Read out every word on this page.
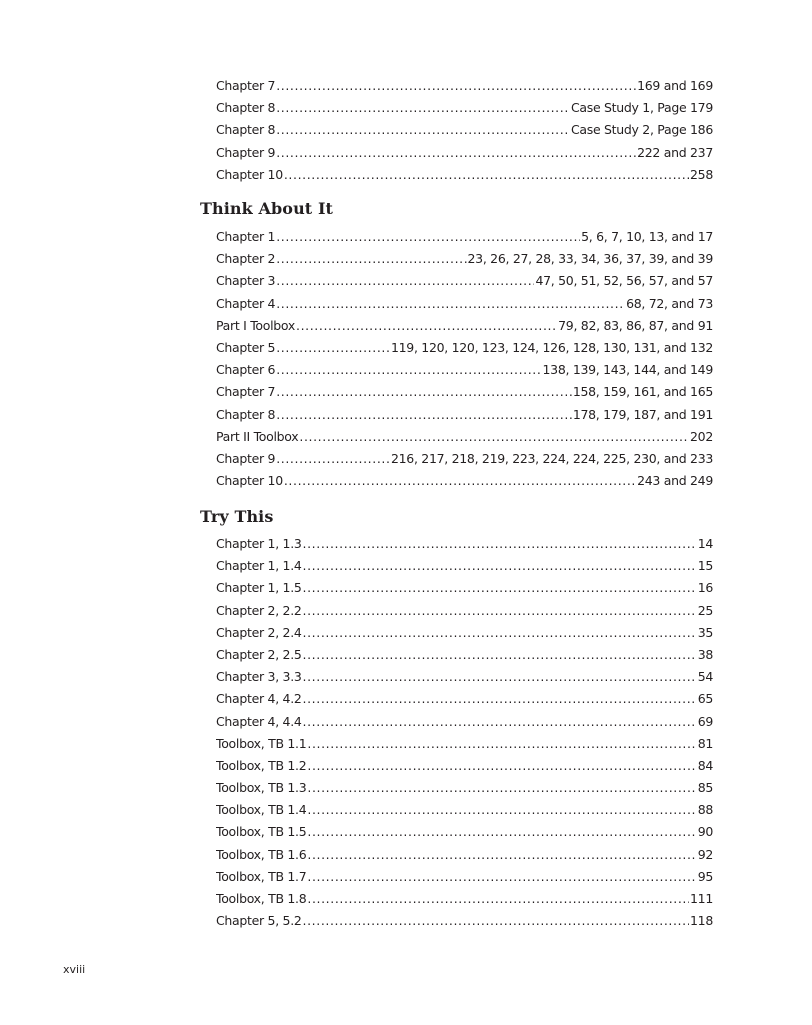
Chapter 7 .....	169 and 169
Chapter 8 .....	Case Study 1, Page 179
Chapter 8 .....	Case Study 2, Page 186
Chapter 9 .....	222 and 237
Chapter 10 .....	258
Think About It
Chapter 1 .....	5, 6, 7, 10, 13, and 17
Chapter 2 .....	23, 26, 27, 28, 33, 34, 36, 37, 39, and 39
Chapter 3 .....	47, 50, 51, 52, 56, 57, and 57
Chapter 4 .....	68, 72, and 73
Part I Toolbox .....	79, 82, 83, 86, 87, and 91
Chapter 5 .....	119, 120, 120, 123, 124, 126, 128, 130, 131, and 132
Chapter 6 .....	138, 139, 143, 144, and 149
Chapter 7 .....	158, 159, 161, and 165
Chapter 8 .....	178, 179, 187, and 191
Part II Toolbox .....	202
Chapter 9 .....	216, 217, 218, 219, 223, 224, 224, 225, 230, and 233
Chapter 10 .....	243 and 249
Try This
Chapter 1, 1.3 .....	14
Chapter 1, 1.4 .....	15
Chapter 1, 1.5 .....	16
Chapter 2, 2.2 .....	25
Chapter 2, 2.4 .....	35
Chapter 2, 2.5 .....	38
Chapter 3, 3.3 .....	54
Chapter 4, 4.2 .....	65
Chapter 4, 4.4 .....	69
Toolbox, TB 1.1 .....	81
Toolbox, TB 1.2 .....	84
Toolbox, TB 1.3 .....	85
Toolbox, TB 1.4 .....	88
Toolbox, TB 1.5 .....	90
Toolbox, TB 1.6 .....	92
Toolbox, TB 1.7 .....	95
Toolbox, TB 1.8 .....	111
Chapter 5, 5.2 .....	118
xviii
